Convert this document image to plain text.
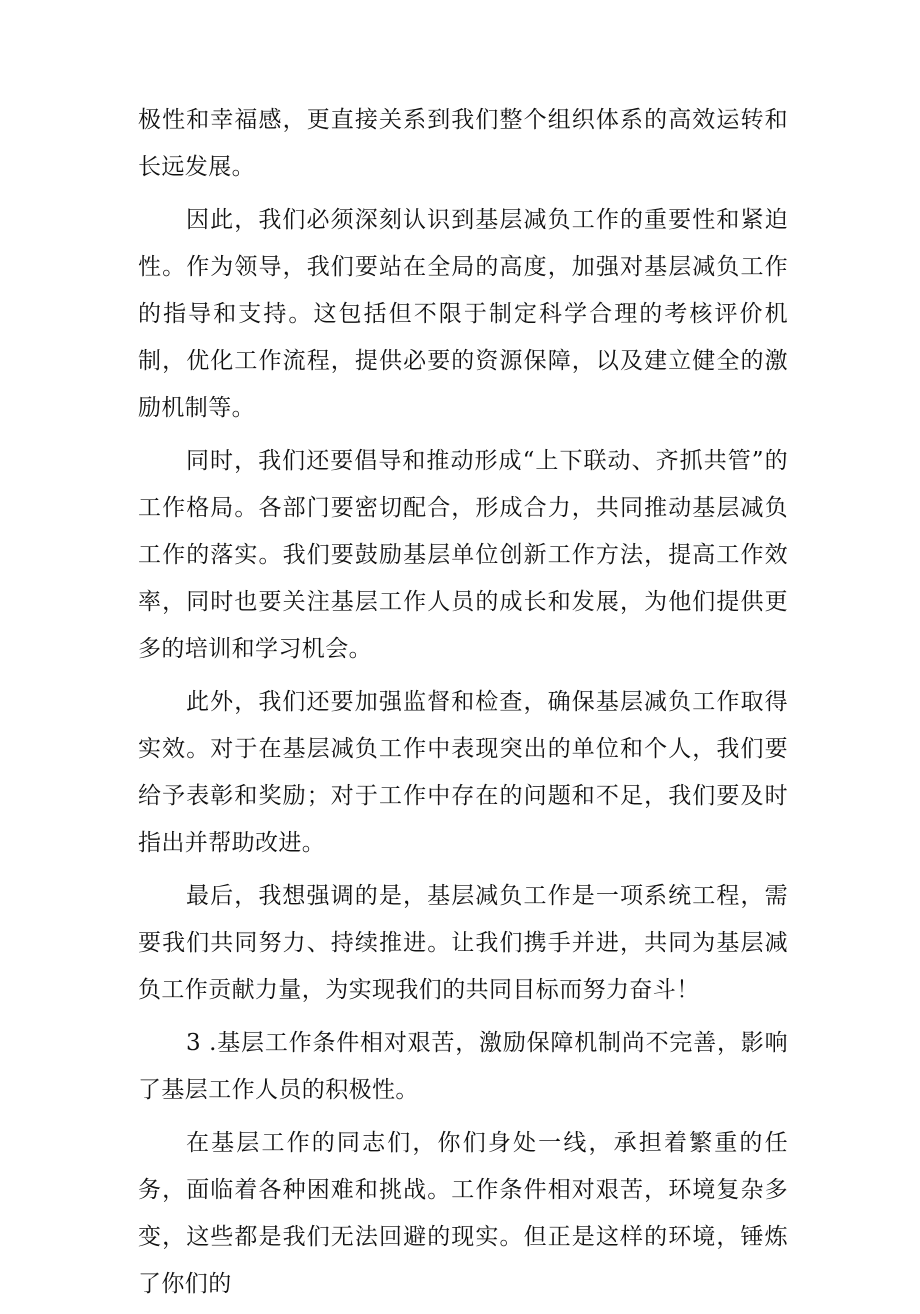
极性和幸福感，更直接关系到我们整个组织体系的高效运转和长远发展。

因此，我们必须深刻认识到基层减负工作的重要性和紧迫性。作为领导，我们要站在全局的高度，加强对基层减负工作的指导和支持。这包括但不限于制定科学合理的考核评价机制，优化工作流程，提供必要的资源保障，以及建立健全的激励机制等。

同时，我们还要倡导和推动形成“上下联动、齐抓共管”的工作格局。各部门要密切配合，形成合力，共同推动基层减负工作的落实。我们要鼓励基层单位创新工作方法，提高工作效率，同时也要关注基层工作人员的成长和发展，为他们提供更多的培训和学习机会。

此外，我们还要加强监督和检查，确保基层减负工作取得实效。对于在基层减负工作中表现突出的单位和个人，我们要给予表彰和奖励；对于工作中存在的问题和不足，我们要及时指出并帮助改进。

最后，我想强调的是，基层减负工作是一项系统工程，需要我们共同努力、持续推进。让我们携手并进，共同为基层减负工作贡献力量，为实现我们的共同目标而努力奋斗！

3 .基层工作条件相对艰苦，激励保障机制尚不完善，影响了基层工作人员的积极性。

在基层工作的同志们，你们身处一线，承担着繁重的任务，面临着各种困难和挑战。工作条件相对艰苦，环境复杂多变，这些都是我们无法回避的现实。但正是这样的环境，锤炼了你们的
